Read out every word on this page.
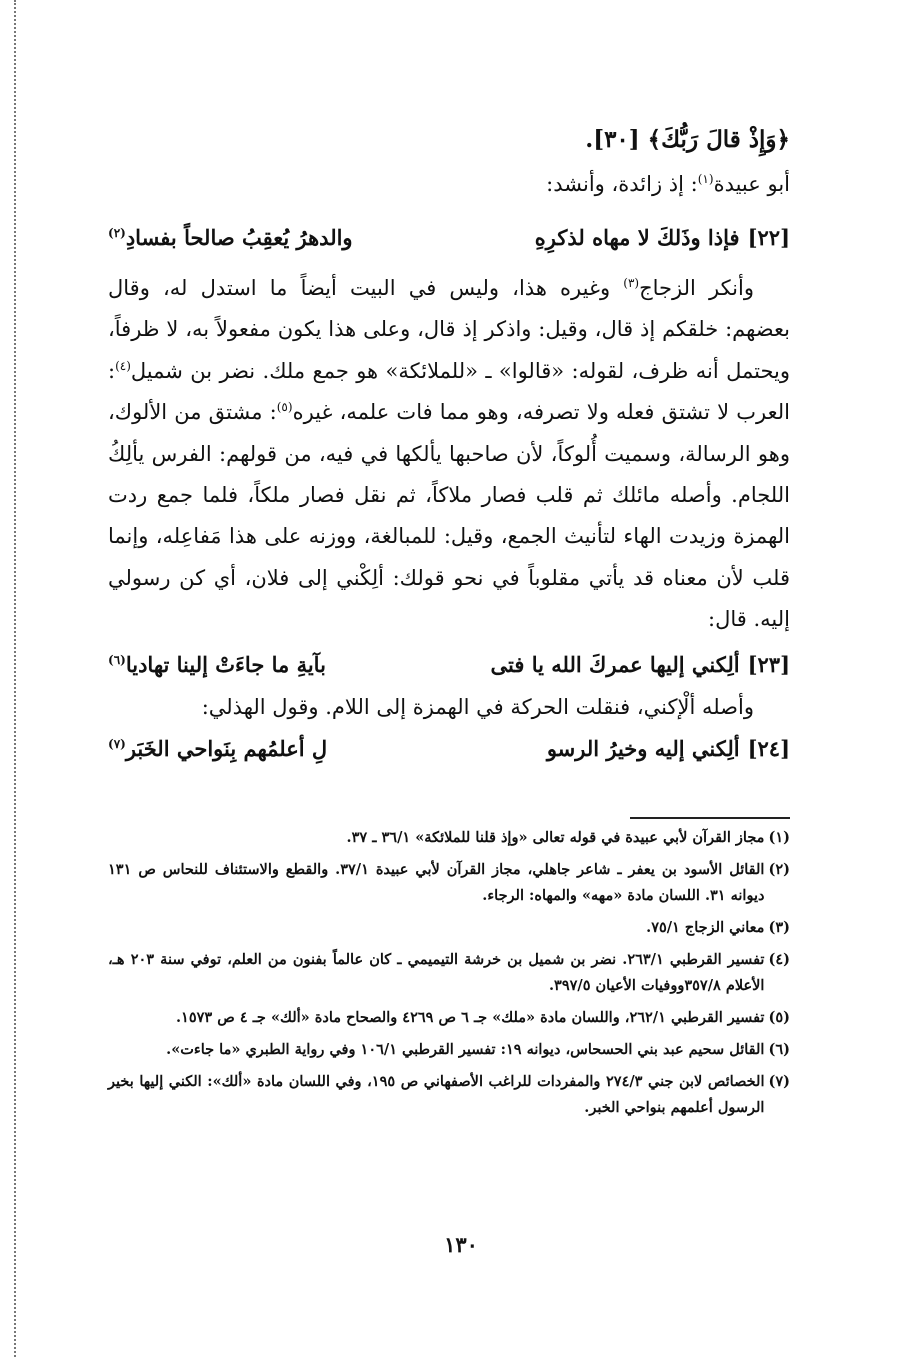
﴿وَإِذْ قالَ رَبُّكَ﴾ [٣٠].
أبو عبيدة$^{(١)}$: إذ زائدة، وأنشد:
[٢٢]
فإذا وذَلكَ لا مهاه لذكرِهِ
والدهرُ يُعقِبُ صالحاً بفسادِ$^{(٢)}$
وأنكر الزجاج$^{(٣)}$ وغيره هذا، وليس في البيت أيضاً ما استدل له، وقال بعضهم: خلقكم إذ قال، وقيل: واذكر إذ قال، وعلى هذا يكون مفعولاً به، لا ظرفاً، ويحتمل أنه ظرف، لقوله: «قالوا» ـ «للملائكة» هو جمع ملك. نضر بن شميل$^{(٤)}$: العرب لا تشتق فعله ولا تصرفه، وهو مما فات علمه، غيره$^{(٥)}$: مشتق من الألوك، وهو الرسالة، وسميت أُلوكاً، لأن صاحبها يألكها في فيه، من قولهم: الفرس يألِكُ اللجام. وأصله مائلك ثم قلب فصار ملاكاً، ثم نقل فصار ملكاً، فلما جمع ردت الهمزة وزيدت الهاء لتأنيث الجمع، وقيل: للمبالغة، ووزنه على هذا مَفاعِله، وإنما قلب لأن معناه قد يأتي مقلوباً في نحو قولك: ألِكْني إلى فلان، أي كن رسولي إليه. قال:
[٢٣]
ألِكني إليها عمركَ الله يا فتى
بآيةِ ما جاءَتْ إلينا تهاديا$^{(٦)}$
وأصله ألْإكني، فنقلت الحركة في الهمزة إلى اللام. وقول الهذلي:
[٢٤]
ألِكني إليه وخيرُ الرسو
لِ أعلمُهم بِنَواحي الخَبَر$^{(٧)}$
(١)
مجاز القرآن لأبي عبيدة في قوله تعالى «وإذ قلنا للملائكة» ٣٦/١ ـ ٣٧.
(٢)
القائل الأسود بن يعفر ـ شاعر جاهلي، مجاز القرآن لأبي عبيدة ٣٧/١. والقطع والاستئناف للنحاس ص ١٣١ ديوانه ٣١. اللسان مادة «مهه» والمهاه: الرجاء.
(٣)
معاني الزجاج ٧٥/١.
(٤)
تفسير القرطبي ٢٦٣/١. نضر بن شميل بن خرشة التيميمي ـ كان عالماً بفنون من العلم، توفي سنة ٢٠٣ هـ، الأعلام ٣٥٧/٨ووفيات الأعيان ٣٩٧/٥.
(٥)
تفسير القرطبي ٢٦٢/١، واللسان مادة «ملك» جـ ٦ ص ٤٢٦٩ والصحاح مادة «ألك» جـ ٤ ص ١٥٧٣.
(٦)
القائل سحيم عبد بني الحسحاس، ديوانه ١٩: تفسير القرطبي ١٠٦/١ وفي رواية الطبري «ما جاءت».
(٧)
الخصائص لابن جني ٢٧٤/٣ والمفردات للراغب الأصفهاني ص ١٩٥، وفي اللسان مادة «ألك»: الكني إليها بخير الرسول أعلمهم بنواحي الخبر.
١٣٠
